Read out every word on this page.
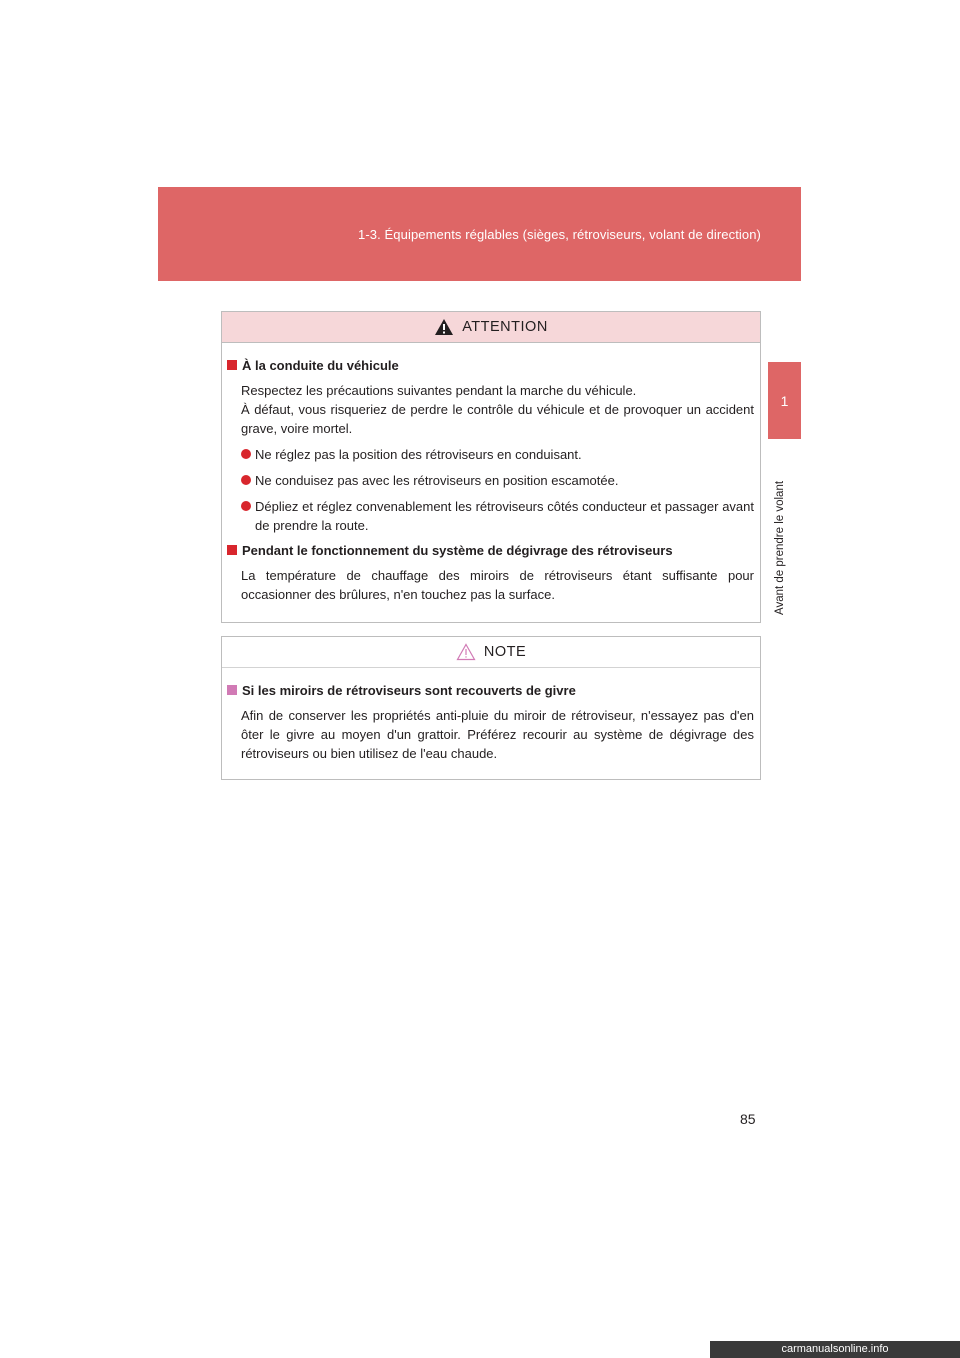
1-3. Équipements réglables (sièges, rétroviseurs, volant de direction)
1
Avant de prendre le volant
ATTENTION
À la conduite du véhicule
Respectez les précautions suivantes pendant la marche du véhicule.
À défaut, vous risqueriez de perdre le contrôle du véhicule et de provoquer un accident grave, voire mortel.
Ne réglez pas la position des rétroviseurs en conduisant.
Ne conduisez pas avec les rétroviseurs en position escamotée.
Dépliez et réglez convenablement les rétroviseurs côtés conducteur et passager avant de prendre la route.
Pendant le fonctionnement du système de dégivrage des rétroviseurs
La température de chauffage des miroirs de rétroviseurs étant suffisante pour occasionner des brûlures, n'en touchez pas la surface.
NOTE
Si les miroirs de rétroviseurs sont recouverts de givre
Afin de conserver les propriétés anti-pluie du miroir de rétroviseur, n'essayez pas d'en ôter le givre au moyen d'un grattoir. Préférez recourir au système de dégivrage des rétroviseurs ou bien utilisez de l'eau chaude.
85
carmanualsonline.info
